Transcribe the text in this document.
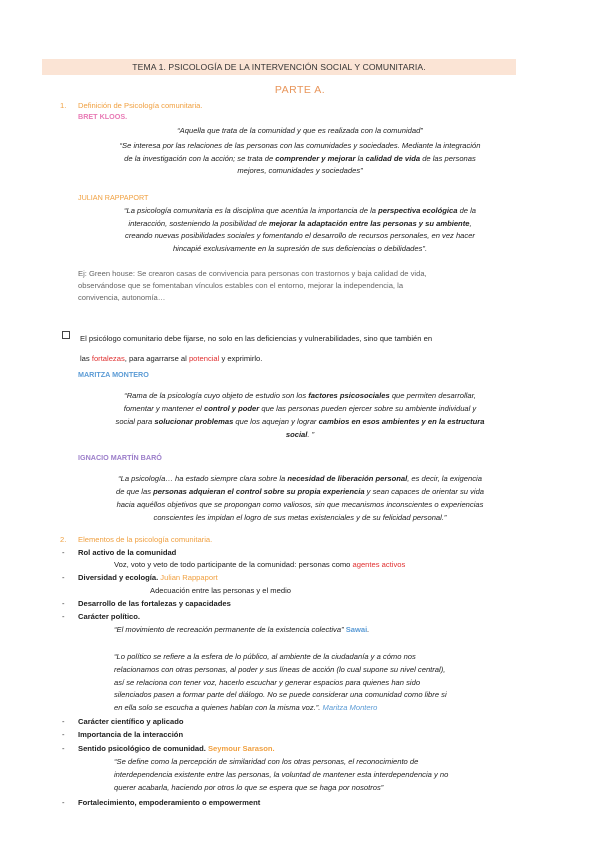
TEMA 1. PSICOLOGÍA DE LA INTERVENCIÓN SOCIAL Y COMUNITARIA.
PARTE A.
1. Definición de Psicología comunitaria.
BRET KLOOS.
“Aquella que trata de la comunidad y que es realizada con la comunidad”
“Se interesa por las relaciones de las personas con las comunidades y sociedades. Mediante la integración
de la investigación con la acción; se trata de comprender y mejorar la calidad de vida de las personas
mejores, comunidades y sociedades”
JULIAN RAPPAPORT
“La psicología comunitaria es la disciplina que acentúa la importancia de la perspectiva ecológica de la
interacción, sosteniendo la posibilidad de mejorar la adaptación entre las personas y su ambiente,
creando nuevas posibilidades sociales y fomentando el desarrollo de recursos personales, en vez hacer
hincapié exclusivamente en la supresión de sus deficiencias o debilidades”.
Ej: Green house: Se crearon casas de convivencia para personas con trastornos y baja calidad de vida,
observándose que se fomentaban vínculos estables con el entorno, mejorar la independencia, la
convivencia, autonomía…
El psicólogo comunitario debe fijarse, no solo en las deficiencias y vulnerabilidades, sino que también en
las fortalezas, para agarrarse al potencial y exprimirlo.
MARITZA MONTERO
“Rama de la psicología cuyo objeto de estudio son los factores psicosociales que permiten desarrollar,
fomentar y mantener el control y poder que las personas pueden ejercer sobre su ambiente individual y
social para solucionar problemas que los aquejan y lograr cambios en esos ambientes y en la estructura
social. ”
IGNACIO MARTÍN BARÓ
“La psicología… ha estado siempre clara sobre la necesidad de liberación personal, es decir, la exigencia
de que las personas adquieran el control sobre su propia experiencia y sean capaces de orientar su vida
hacia aquéllos objetivos que se propongan como valiosos, sin que mecanismos inconscientes o experiencias
conscientes les impidan el logro de sus metas existenciales y de su felicidad personal.”
2. Elementos de la psicología comunitaria.
- Rol activo de la comunidad
Voz, voto y veto de todo participante de la comunidad: personas como agentes activos
- Diversidad y ecología. Julian Rappaport
Adecuación entre las personas y el medio
- Desarrollo de las fortalezas y capacidades
- Carácter político.
“El movimiento de recreación permanente de la existencia colectiva” Sawai.
“Lo político se refiere a la esfera de lo público, al ambiente de la ciudadanía y a cómo nos
relacionamos con otras personas, al poder y sus líneas de acción (lo cual supone su nivel central),
así se relaciona con tener voz, hacerlo escuchar y generar espacios para quienes han sido
silenciados pasen a formar parte del diálogo. No se puede considerar una comunidad como libre si
en ella solo se escucha a quienes hablan con la misma voz.”. Maritza Montero
- Carácter científico y aplicado
- Importancia de la interacción
- Sentido psicológico de comunidad. Seymour Sarason.
“Se define como la percepción de similaridad con los otras personas, el reconocimiento de
interdependencia existente entre las personas, la voluntad de mantener esta interdependencia y no
querer acabarla, haciendo por otros lo que se espera que se haga por nosotros”
- Fortalecimiento, empoderamiento o empowerment
